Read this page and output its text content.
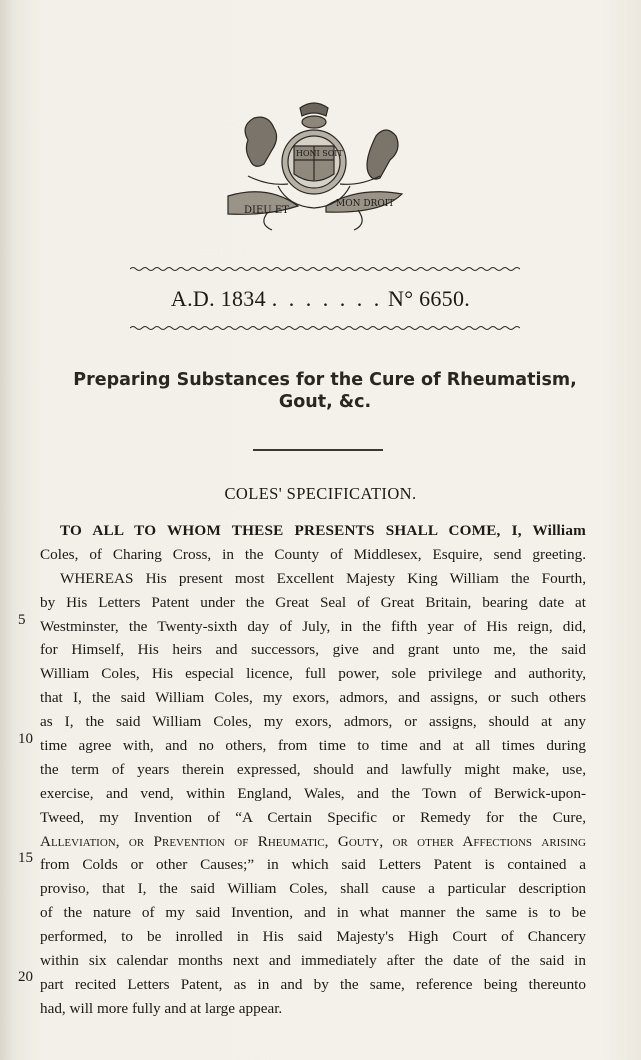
DIEU ET
MON DROIT
HONI SOIT
A.D. 1834 . . . . . . . N° 6650.
Preparing Substances for the Cure of Rheumatism,
Gout, &c.
COLES' SPECIFICATION.
TO ALL TO WHOM THESE PRESENTS SHALL COME, I, William
Coles, of Charing Cross, in the County of Middlesex, Esquire, send greeting.
WHEREAS His present most Excellent Majesty King William the Fourth,
by His Letters Patent under the Great Seal of Great Britain, bearing date at
Westminster, the Twenty-sixth day of July, in the fifth year of His reign, did,
for Himself, His heirs and successors, give and grant unto me, the said
William Coles, His especial licence, full power, sole privilege and authority,
that I, the said William Coles, my exors, admors, and assigns, or such others
as I, the said William Coles, my exors, admors, or assigns, should at any
time agree with, and no others, from time to time and at all times during
the term of years therein expressed, should and lawfully might make, use,
exercise, and vend, within England, Wales, and the Town of Berwick-upon-
Tweed, my Invention of “A Certain Specific or Remedy for the Cure,
Alleviation, or Prevention of Rheumatic, Gouty, or other Affections arising
from Colds or other Causes;” in which said Letters Patent is contained a
proviso, that I, the said William Coles, shall cause a particular description
of the nature of my said Invention, and in what manner the same is to be
performed, to be inrolled in His said Majesty's High Court of Chancery
within six calendar months next and immediately after the date of the said in
part recited Letters Patent, as in and by the same, reference being thereunto
had, will more fully and at large appear.
5
10
15
20
